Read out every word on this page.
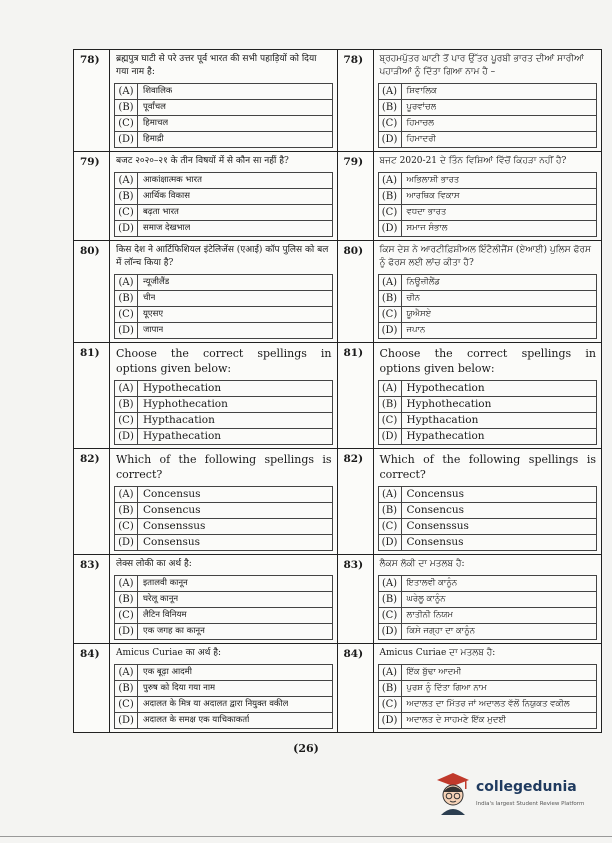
78)	ब्रह्मपुत्र घाटी से परे उत्तर पूर्व भारत की सभी पहाड़ियों को दिया गया नाम है:
(A)	शिवालिक
(B)	पूर्वांचल
(C)	हिमाचल
(D)	हिमाद्री
78)	ਬ੍ਰਹਮਪੁੱਤਰ ਘਾਟੀ ਤੋਂ ਪਾਰ ਉੱਤਰ ਪੂਰਬੀ ਭਾਰਤ ਦੀਆਂ ਸਾਰੀਆਂ ਪਹਾੜੀਆਂ ਨੂੰ ਦਿੱਤਾ ਗਿਆ ਨਾਮ ਹੈ –
(A)	ਸ਼ਿਵਾਲਿਕ
(B)	ਪੂਰਵਾਂਚਲ
(C)	ਹਿਮਾਚਲ
(D)	ਹਿਮਾਦਰੀ
79)	बजट २०२०–२१ के तीन विषयों में से कौन सा नहीं है?
(A)	आकांक्षात्मक भारत
(B)	आर्थिक विकास
(C)	बढ़ता भारत
(D)	समाज देखभाल
79)	ਬਜਟ 2020-21 ਦੇ ਤਿੰਨ ਵਿਸ਼ਿਆਂ ਵਿੱਚੋਂ ਕਿਹੜਾ ਨਹੀਂ ਹੈ?
(A)	ਅਭਿਲਾਸ਼ੀ ਭਾਰਤ
(B)	ਆਰਥਿਕ ਵਿਕਾਸ
(C)	ਵਧਦਾ ਭਾਰਤ
(D)	ਸਮਾਜ ਸੰਭਾਲ
80)	किस देश ने आर्टिफिशियल इंटेलिजेंस (एआई) कॉप पुलिस को बल में लॉन्च किया है?
(A)	न्यूजीलैंड
(B)	चीन
(C)	यूएसए
(D)	जापान
80)	ਕਿਸ ਦੇਸ਼ ਨੇ ਆਰਟੀਫ਼ਿਸ਼ੀਅਲ ਇੰਟੈਲੀਜੈਂਸ (ਏਆਈ) ਪੁਲਿਸ ਫੋਰਸ ਨੂੰ ਫੋਰਸ ਲਈ ਲਾਂਚ ਕੀਤਾ ਹੈ?
(A)	ਨਿਊਜ਼ੀਲੈਂਡ
(B)	ਚੀਨ
(C)	ਯੂਐਸਏ
(D)	ਜਪਾਨ
81)	Choose the correct spellings in options given below:
(A) Hypothecation
(B) Hyphothecation
(C) Hypthacation
(D) Hypathecation
81)	Choose the correct spellings in options given below:
(A) Hypothecation
(B) Hyphothecation
(C) Hypthacation
(D) Hypathecation
82)	Which of the following spellings is correct?
(A) Concensus
(B) Consencus
(C) Consenssus
(D) Consensus
82)	Which of the following spellings is correct?
(A) Concensus
(B) Consencus
(C) Consenssus
(D) Consensus
83)	लेक्स लोकी का अर्थ है:
(A)	इतालवी कानून
(B)	घरेलू कानून
(C)	लैटिन विनियम
(D)	एक जगह का कानून
83)	ਲੈਕਸ ਲੋਕੀ ਦਾ ਮਤਲਬ ਹੈ:
(A)	ਇਤਾਲਵੀ ਕਾਨੂੰਨ
(B)	ਘਰੇਲੂ ਕਾਨੂੰਨ
(C)	ਲਾਤੀਨੀ ਨਿਯਮ
(D)	ਕਿਸੇ ਜਗ੍ਹਾ ਦਾ ਕਾਨੂੰਨ
84)	Amicus Curiae का अर्थ है:
(A)	एक बूढ़ा आदमी
(B)	पुरुष को दिया गया नाम
(C)	अदालत के मित्र या अदालत द्वारा नियुक्त वकील
(D)	अदालत के समक्ष एक याचिकाकर्ता
84)	Amicus Curiae ਦਾ ਮਤਲਬ ਹੈ:
(A)	ਇੱਕ ਬੁੱਢਾ ਆਦਮੀ
(B)	ਪੁਰਸ਼ ਨੂੰ ਦਿੱਤਾ ਗਿਆ ਨਾਮ
(C)	ਅਦਾਲਤ ਦਾ ਮਿੱਤਰ ਜਾਂ ਅਦਾਲਤ ਵੱਲੋਂ ਨਿਯੁਕਤ ਵਕੀਲ
(D)	ਅਦਾਲਤ ਦੇ ਸਾਹਮਣੇ ਇੱਕ ਮੁਦਈ
(26)
collegedunia
India's largest Student Review Platform
